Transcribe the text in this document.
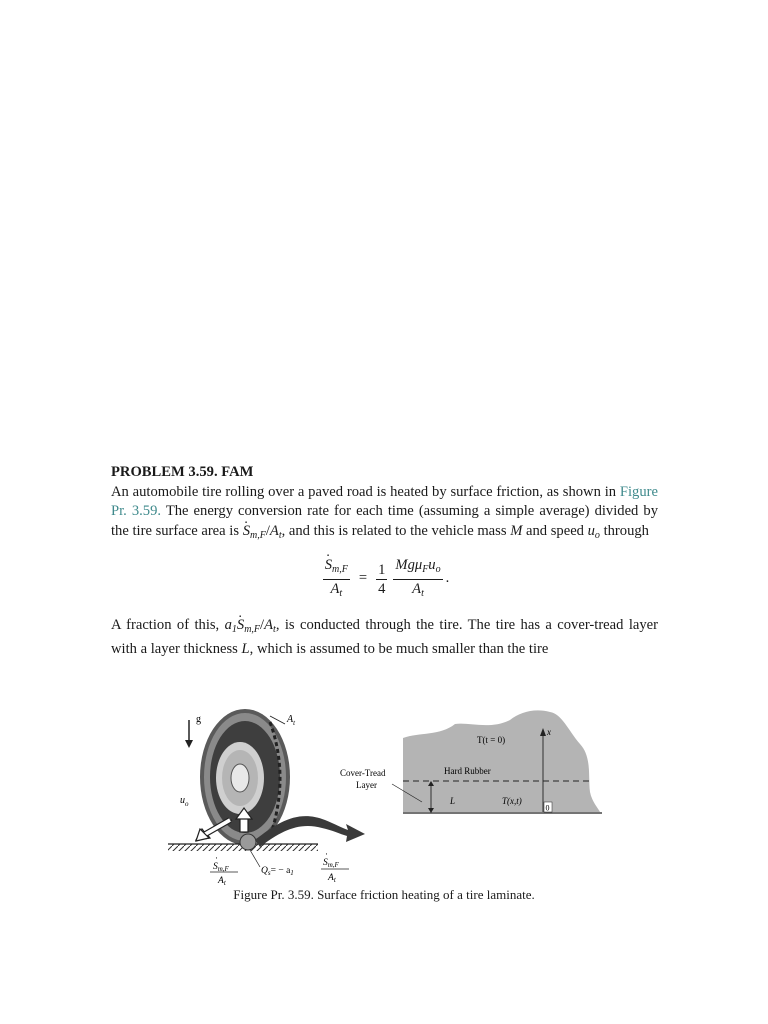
PROBLEM 3.59. FAM

An automobile tire rolling over a paved road is heated by surface friction, as shown in Figure Pr. 3.59. The energy conversion rate for each time (assuming a simple average) divided by the tire surface area is · $S_{m,F}/A_t$, and this is related to the vehicle mass M and speed $u_o$ through

· $\frac{S_{m,F}}{A_t} = \frac{1}{4} \frac{Mg\mu_Fu_o}{A_t}$ .

A fraction of this, $a_1\cdot S_{m,F}/A_t$, is conducted through the tire. The tire has a cover-tread layer with a layer thickness L, which is assumed to be much smaller than the tire

g	$A_t$
$u_o$
$S_{m,F}$
·
$A_t$
$Q_s= - a_1$
$S_{m,F}$
·
$A_t$
x
T(t = 0)
Hard Rubber
L	T(x,t)
0
Cover-Tread
Layer
Figure Pr. 3.59. Surface friction heating of a tire laminate.
